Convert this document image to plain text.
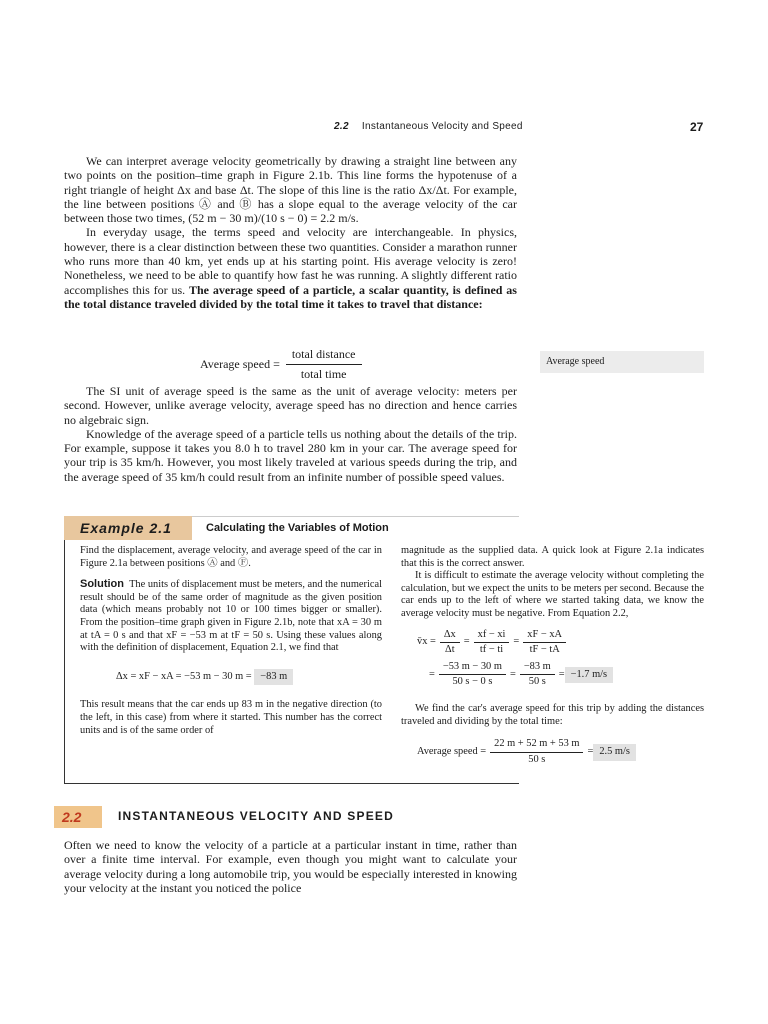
2.2 Instantaneous Velocity and Speed	27

We can interpret average velocity geometrically by drawing a straight line between any two points on the position–time graph in Figure 2.1b. This line forms the hypotenuse of a right triangle of height Δx and base Δt. The slope of this line is the ratio Δx/Δt. For example, the line between positions Ⓐ and Ⓑ has a slope equal to the average velocity of the car between those two times, (52 m − 30 m)/(10 s − 0) = 2.2 m/s.

In everyday usage, the terms speed and velocity are interchangeable. In physics, however, there is a clear distinction between these two quantities. Consider a marathon runner who runs more than 40 km, yet ends up at his starting point. His average velocity is zero! Nonetheless, we need to be able to quantify how fast he was running. A slightly different ratio accomplishes this for us. The average speed of a particle, a scalar quantity, is defined as the total distance traveled divided by the total time it takes to travel that distance:

Average speed = $\frac{\text{total distance}}{\text{total time}}$	Average speed

The SI unit of average speed is the same as the unit of average velocity: meters per second. However, unlike average velocity, average speed has no direction and hence carries no algebraic sign.

Knowledge of the average speed of a particle tells us nothing about the details of the trip. For example, suppose it takes you 8.0 h to travel 280 km in your car. The average speed for your trip is 35 km/h. However, you most likely traveled at various speeds during the trip, and the average speed of 35 km/h could result from an infinite number of possible speed values.

Example 2.1	Calculating the Variables of Motion

Find the displacement, average velocity, and average speed of the car in Figure 2.1a between positions Ⓐ and Ⓕ.

Solution The units of displacement must be meters, and the numerical result should be of the same order of magnitude as the given position data (which means probably not 10 or 100 times bigger or smaller). From the position–time graph given in Figure 2.1b, note that xA = 30 m at tA = 0 s and that xF = −53 m at tF = 50 s. Using these values along with the definition of displacement, Equation 2.1, we find that

Δx = xF − xA = −53 m − 30 m =
−83 m

This result means that the car ends up 83 m in the negative direction (to the left, in this case) from where it started. This number has the correct units and is of the same order of

magnitude as the supplied data. A quick look at Figure 2.1a indicates that this is the correct answer.

It is difficult to estimate the average velocity without completing the calculation, but we expect the units to be meters per second. Because the car ends up to the left of where we started taking data, we know the average velocity must be negative. From Equation 2.2,

v̄x = $\frac{\Delta x}{\Delta t} = \frac{xf - xi}{tf - ti} = \frac{xF - xA}{tF - tA}$
= $\frac{-53 m - 30 m}{50 s - 0 s} = \frac{-83 m}{50 s} = -1.7$ m/s

We find the car's average speed for this trip by adding the distances traveled and dividing by the total time:

Average speed = $\frac{22 m + 52 m + 53 m}{50 s} = 2.5$ m/s
2.2	INSTANTANEOUS VELOCITY AND SPEED

Often we need to know the velocity of a particle at a particular instant in time, rather than over a finite time interval. For example, even though you might want to calculate your average velocity during a long automobile trip, you would be especially interested in knowing your velocity at the instant you noticed the police
